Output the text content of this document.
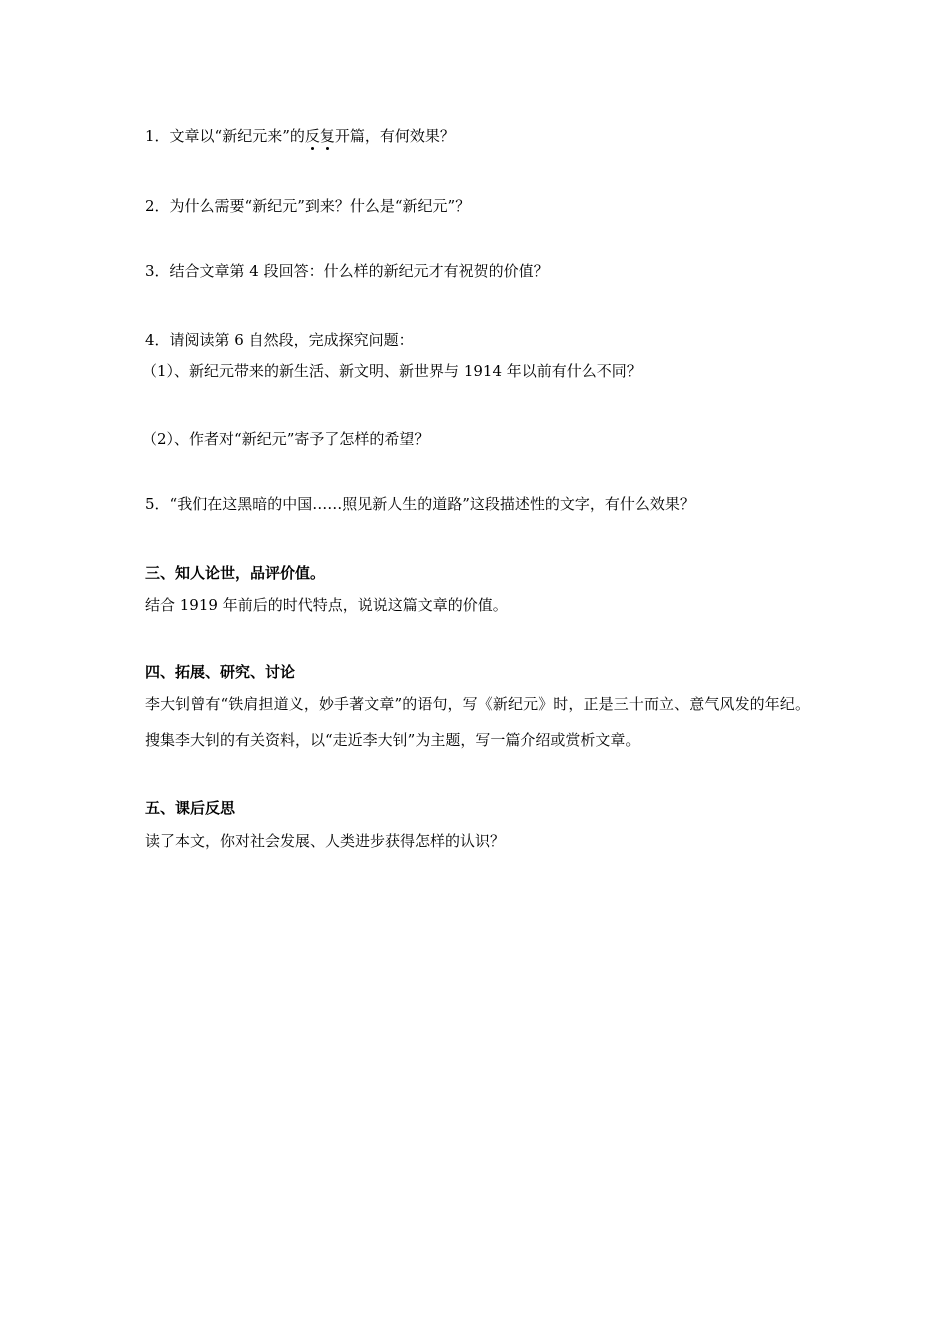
1．文章以“新纪元来”的反复开篇，有何效果？
2．为什么需要“新纪元”到来？什么是“新纪元”？
3．结合文章第 4 段回答：什么样的新纪元才有祝贺的价值？
4．请阅读第 6 自然段，完成探究问题：
（1）、新纪元带来的新生活、新文明、新世界与 1914 年以前有什么不同？
（2）、作者对“新纪元”寄予了怎样的希望？
5．“我们在这黑暗的中国……照见新人生的道路”这段描述性的文字，有什么效果？
三、知人论世，品评价值。
结合 1919 年前后的时代特点，说说这篇文章的价值。
四、拓展、研究、讨论
李大钊曾有“铁肩担道义，妙手著文章”的语句，写《新纪元》时，正是三十而立、意气风发的年纪。搜集李大钊的有关资料，以“走近李大钊”为主题，写一篇介绍或赏析文章。
五、课后反思
读了本文，你对社会发展、人类进步获得怎样的认识？
